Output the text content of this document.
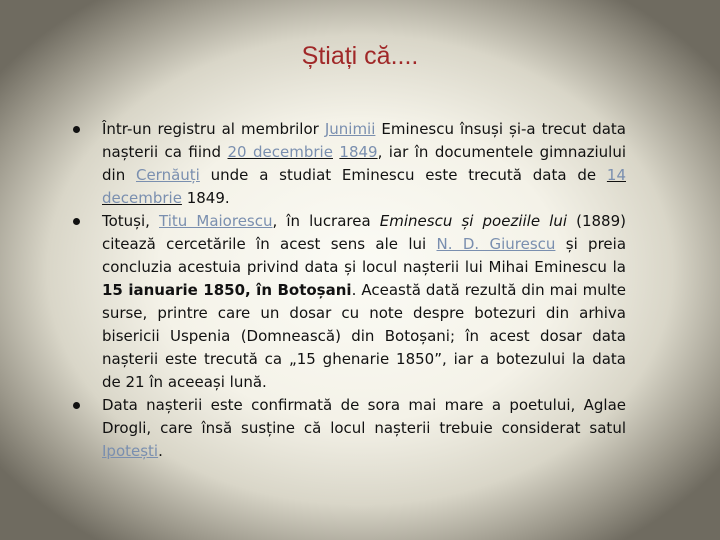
Știați că....
Într-un registru al membrilor Junimii Eminescu însuși și-a trecut data nașterii ca fiind 20 decembrie 1849, iar în documentele gimnaziului din Cernăuți unde a studiat Eminescu este trecută data de 14 decembrie 1849.
Totuși, Titu Maiorescu, în lucrarea Eminescu și poeziile lui (1889) citează cercetările în acest sens ale lui N. D. Giurescu și preia concluzia acestuia privind data și locul nașterii lui Mihai Eminescu la 15 ianuarie 1850, în Botoșani. Această dată rezultă din mai multe surse, printre care un dosar cu note despre botezuri din arhiva bisericii Uspenia (Domnească) din Botoșani; în acest dosar data nașterii este trecută ca „15 ghenarie 1850”, iar a botezului la data de 21 în aceeași lună.
Data nașterii este confirmată de sora mai mare a poetului, Aglae Drogli, care însă susține că locul nașterii trebuie considerat satul Ipotești.
